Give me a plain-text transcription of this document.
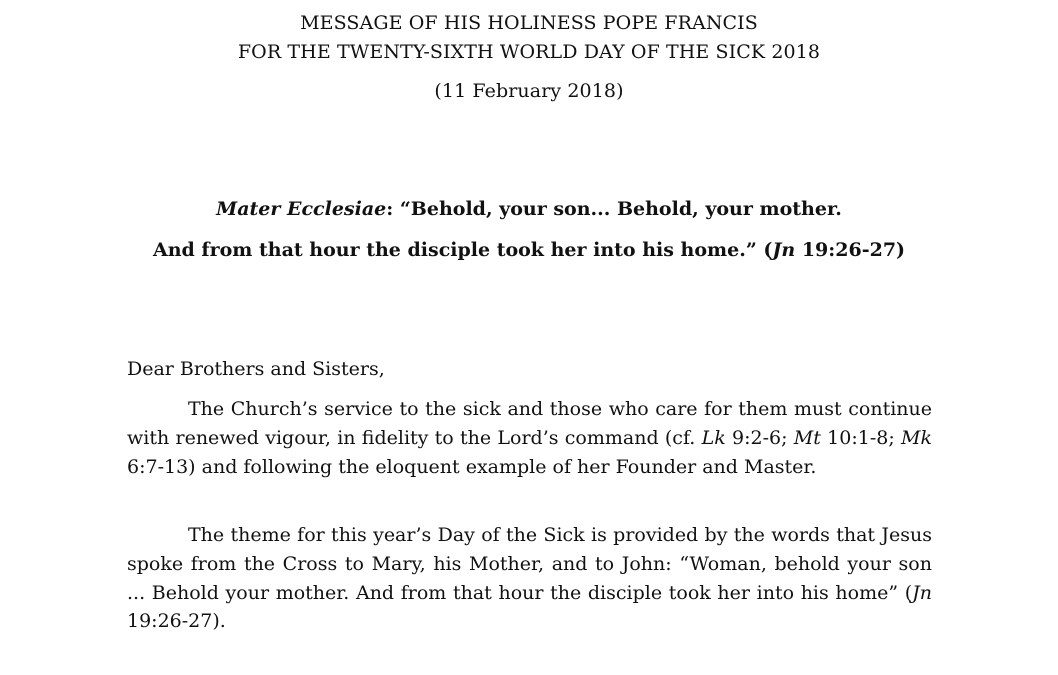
MESSAGE OF HIS HOLINESS POPE FRANCIS
FOR THE TWENTY-SIXTH WORLD DAY OF THE SICK 2018
(11 February 2018)
Mater Ecclesiae: “Behold, your son... Behold, your mother.
And from that hour the disciple took her into his home.” (Jn 19:26-27)
Dear Brothers and Sisters,
The Church’s service to the sick and those who care for them must continue with renewed vigour, in fidelity to the Lord’s command (cf. Lk 9:2-6; Mt 10:1-8; Mk 6:7-13) and following the eloquent example of her Founder and Master.
The theme for this year’s Day of the Sick is provided by the words that Jesus spoke from the Cross to Mary, his Mother, and to John: “Woman, behold your son ... Behold your mother. And from that hour the disciple took her into his home” (Jn 19:26-27).
